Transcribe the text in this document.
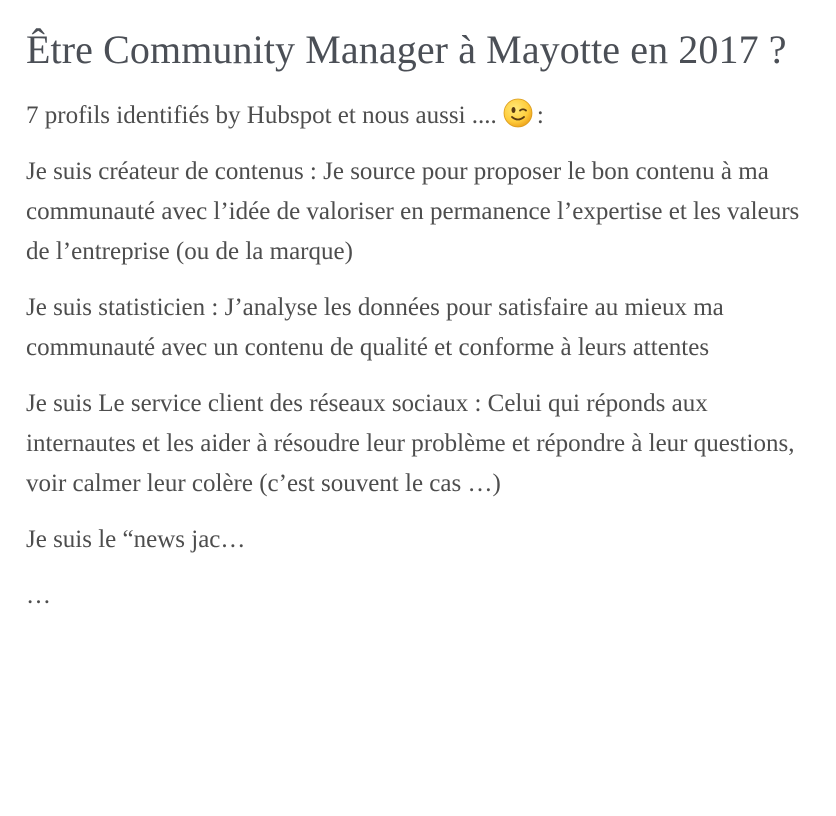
Être Community Manager à Mayotte en 2017 ?

7 profils identifiés by Hubspot et nous aussi .... :

Je suis créateur de contenus : Je source pour proposer le bon contenu à ma communauté avec l’idée de valoriser en permanence l’expertise et les valeurs de l’entreprise (ou de la marque)

Je suis statisticien : J’analyse les données pour satisfaire au mieux ma communauté avec un contenu de qualité et conforme à leurs attentes

Je suis Le service client des réseaux sociaux : Celui qui réponds aux internautes et les aider à résoudre leur problème et répondre à leur questions, voir calmer leur colère (c’est souvent le cas …)

Je suis le “news jac…

…
